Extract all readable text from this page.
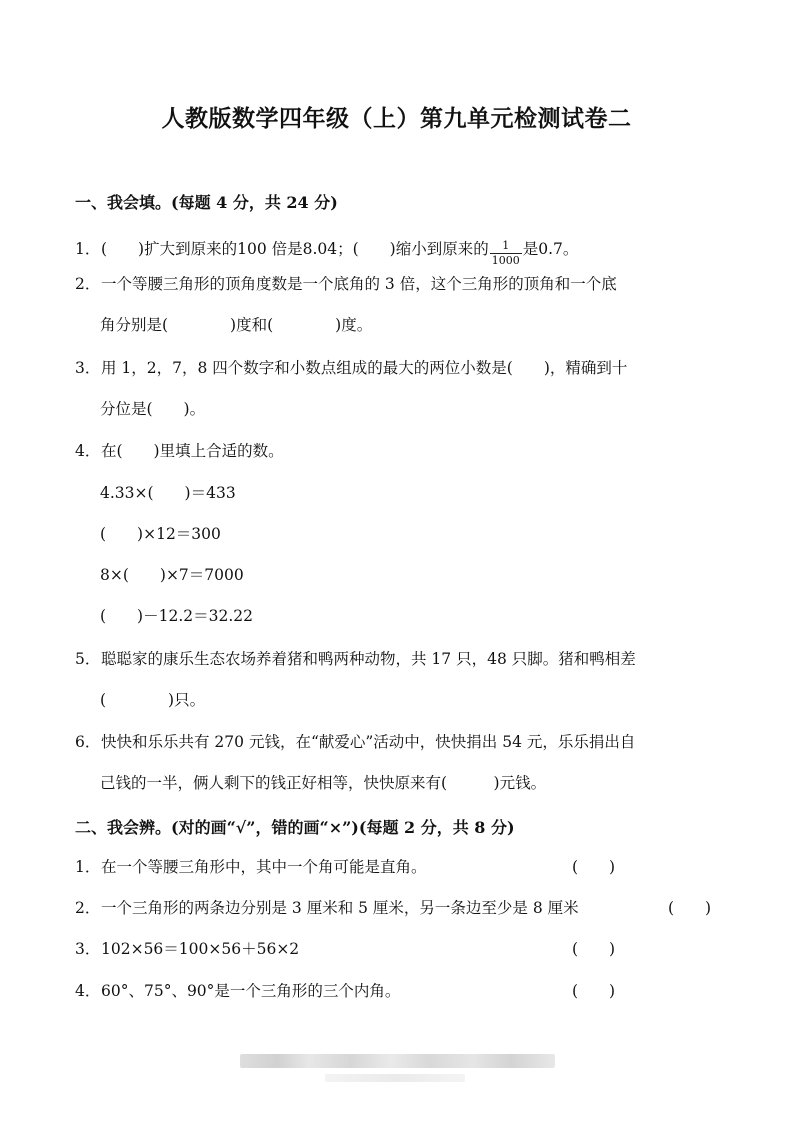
人教版数学四年级（上）第九单元检测试卷二
一、我会填。(每题 4 分，共 24 分)
1．(　　)扩大到原来的100 倍是8.04；(　　)缩小到原来的 $\frac{1}{1000}$ 是0.7。
2．一个等腰三角形的顶角度数是一个底角的 3 倍，这个三角形的顶角和一个底
角分别是(　　　　)度和(　　　　)度。
3．用 1，2，7，8 四个数字和小数点组成的最大的两位小数是(　　)，精确到十
分位是(　　)。
4．在(　　)里填上合适的数。
4.33×(　　)＝433
(　　)×12＝300
8×(　　)×7＝7000
(　　)－12.2＝32.22
5．聪聪家的康乐生态农场养着猪和鸭两种动物，共 17 只，48 只脚。猪和鸭相差
(　　　　)只。
6．快快和乐乐共有 270 元钱，在“献爱心”活动中，快快捐出 54 元，乐乐捐出自
己钱的一半，俩人剩下的钱正好相等，快快原来有(　　　)元钱。
二、我会辨。(对的画“√”，错的画“×”)(每题 2 分，共 8 分)
1．在一个等腰三角形中，其中一个角可能是直角。	(　　)
2．一个三角形的两条边分别是 3 厘米和 5 厘米，另一条边至少是 8 厘米	(　　)
3．102×56＝100×56＋56×2	(　　)
4．60°、75°、90°是一个三角形的三个内角。	(　　)
